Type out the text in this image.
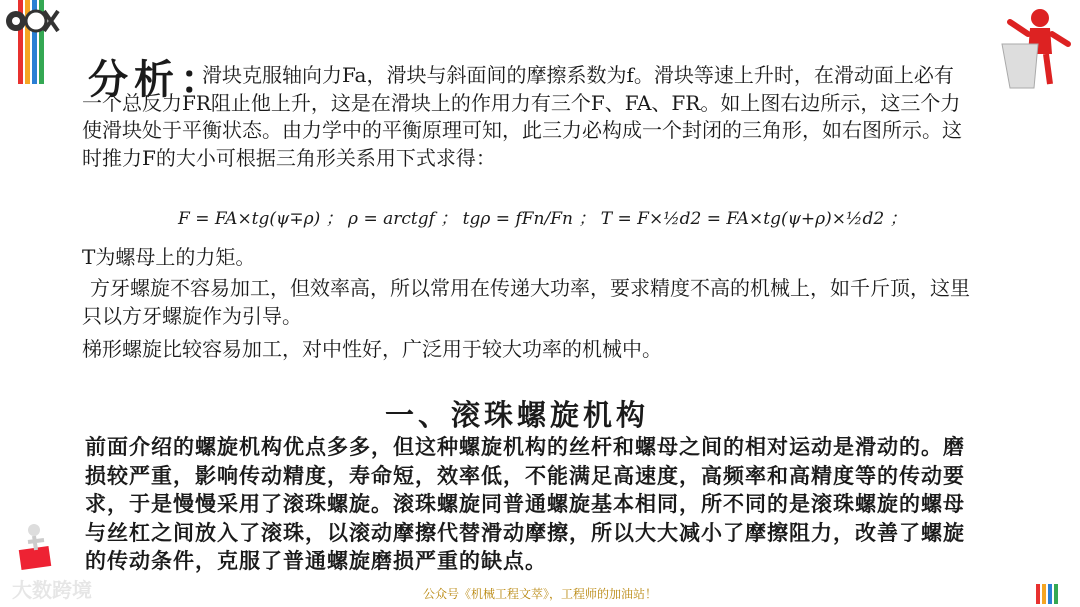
分析：

滑块克服轴向力Fa，滑块与斜面间的摩擦系数为f。滑块等速上升时，在滑动面上必有一个总反力FR阻止他上升，这是在滑块上的作用力有三个F、FA、FR。如上图右边所示，这三个力使滑块处于平衡状态。由力学中的平衡原理可知，此三力必构成一个封闭的三角形，如右图所示。这时推力F的大小可根据三角形关系用下式求得：

F = FA×tg(ψ∓ρ) ； ρ = arctgf ； tgρ = fFn/Fn ； T = F×½d2 = FA×tg(ψ+ρ)×½d2 ；

T为螺母上的力矩。

方牙螺旋不容易加工，但效率高，所以常用在传递大功率，要求精度不高的机械上，如千斤顶，这里只以方牙螺旋作为引导。

梯形螺旋比较容易加工，对中性好，广泛用于较大功率的机械中。

一、滚珠螺旋机构

前面介绍的螺旋机构优点多多，但这种螺旋机构的丝杆和螺母之间的相对运动是滑动的。磨损较严重，影响传动精度，寿命短，效率低，不能满足高速度，高频率和高精度等的传动要求，于是慢慢采用了滚珠螺旋。滚珠螺旋同普通螺旋基本相同，所不同的是滚珠螺旋的螺母与丝杠之间放入了滚珠，以滚动摩擦代替滑动摩擦，所以大大减小了摩擦阻力，改善了螺旋的传动条件，克服了普通螺旋磨损严重的缺点。

大数跨境	公众号《机械工程文萃》，工程师的加油站！
